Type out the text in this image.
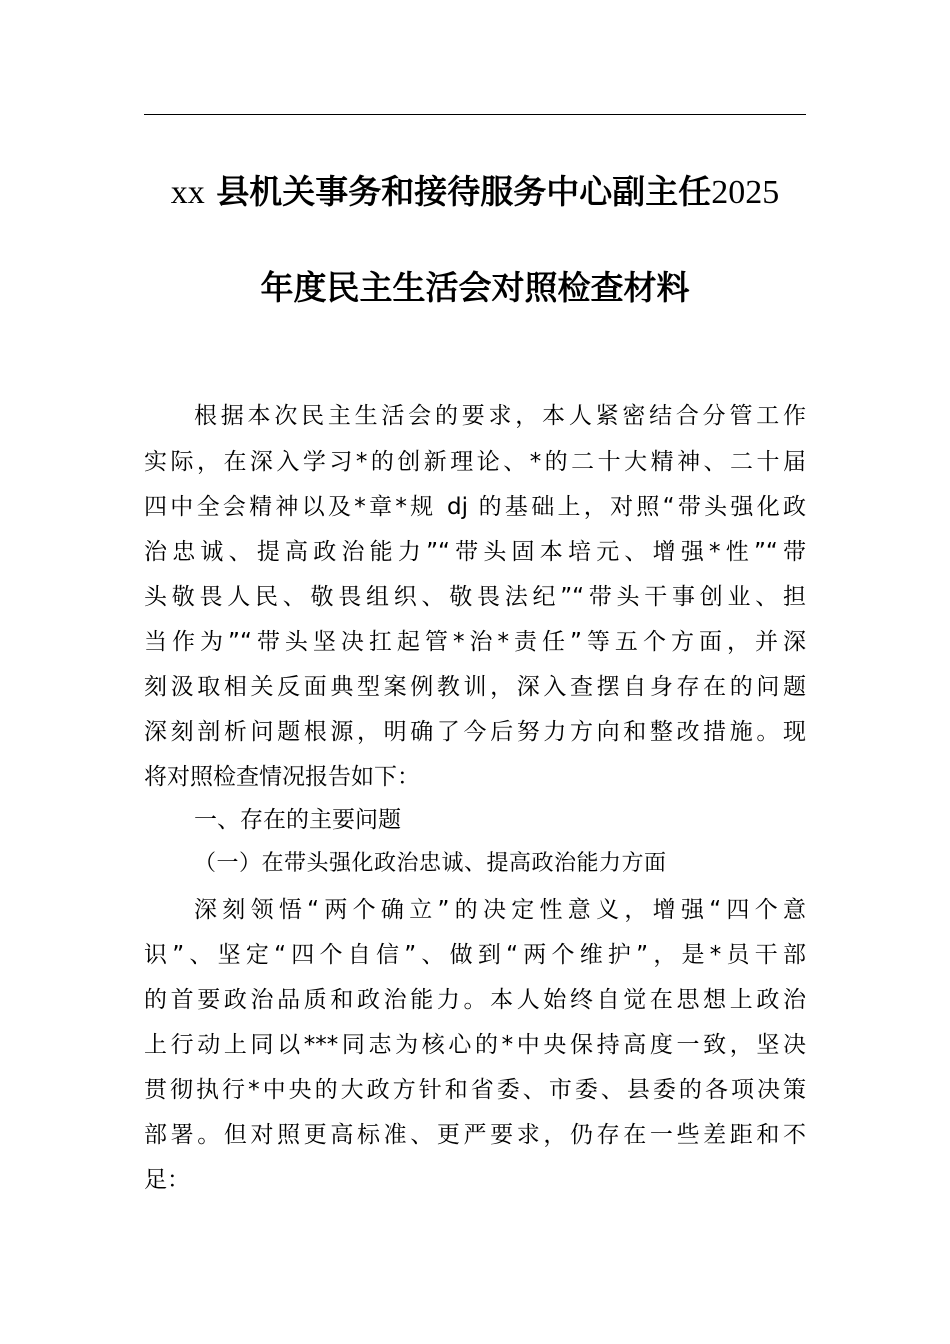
xx 县机关事务和接待服务中心副主任2025
年度民主生活会对照检查材料
根据本次民主生活会的要求，本人紧密结合分管工作
实际，在深入学习*的创新理论、*的二十大精神、二十届
四中全会精神以及*章*规 dj 的基础上，对照“带头强化政
治忠诚、提高政治能力”“带头固本培元、增强*性”“带
头敬畏人民、敬畏组织、敬畏法纪”“带头干事创业、担
当作为”“带头坚决扛起管*治*责任”等五个方面，并深
刻汲取相关反面典型案例教训，深入查摆自身存在的问题
深刻剖析问题根源，明确了今后努力方向和整改措施。现
将对照检查情况报告如下：
一、存在的主要问题
（一）在带头强化政治忠诚、提高政治能力方面
深刻领悟“两个确立”的决定性意义，增强“四个意
识”、坚定“四个自信”、做到“两个维护”，是*员干部
的首要政治品质和政治能力。本人始终自觉在思想上政治
上行动上同以***同志为核心的*中央保持高度一致，坚决
贯彻执行*中央的大政方针和省委、市委、县委的各项决策
部署。但对照更高标准、更严要求，仍存在一些差距和不
足：
